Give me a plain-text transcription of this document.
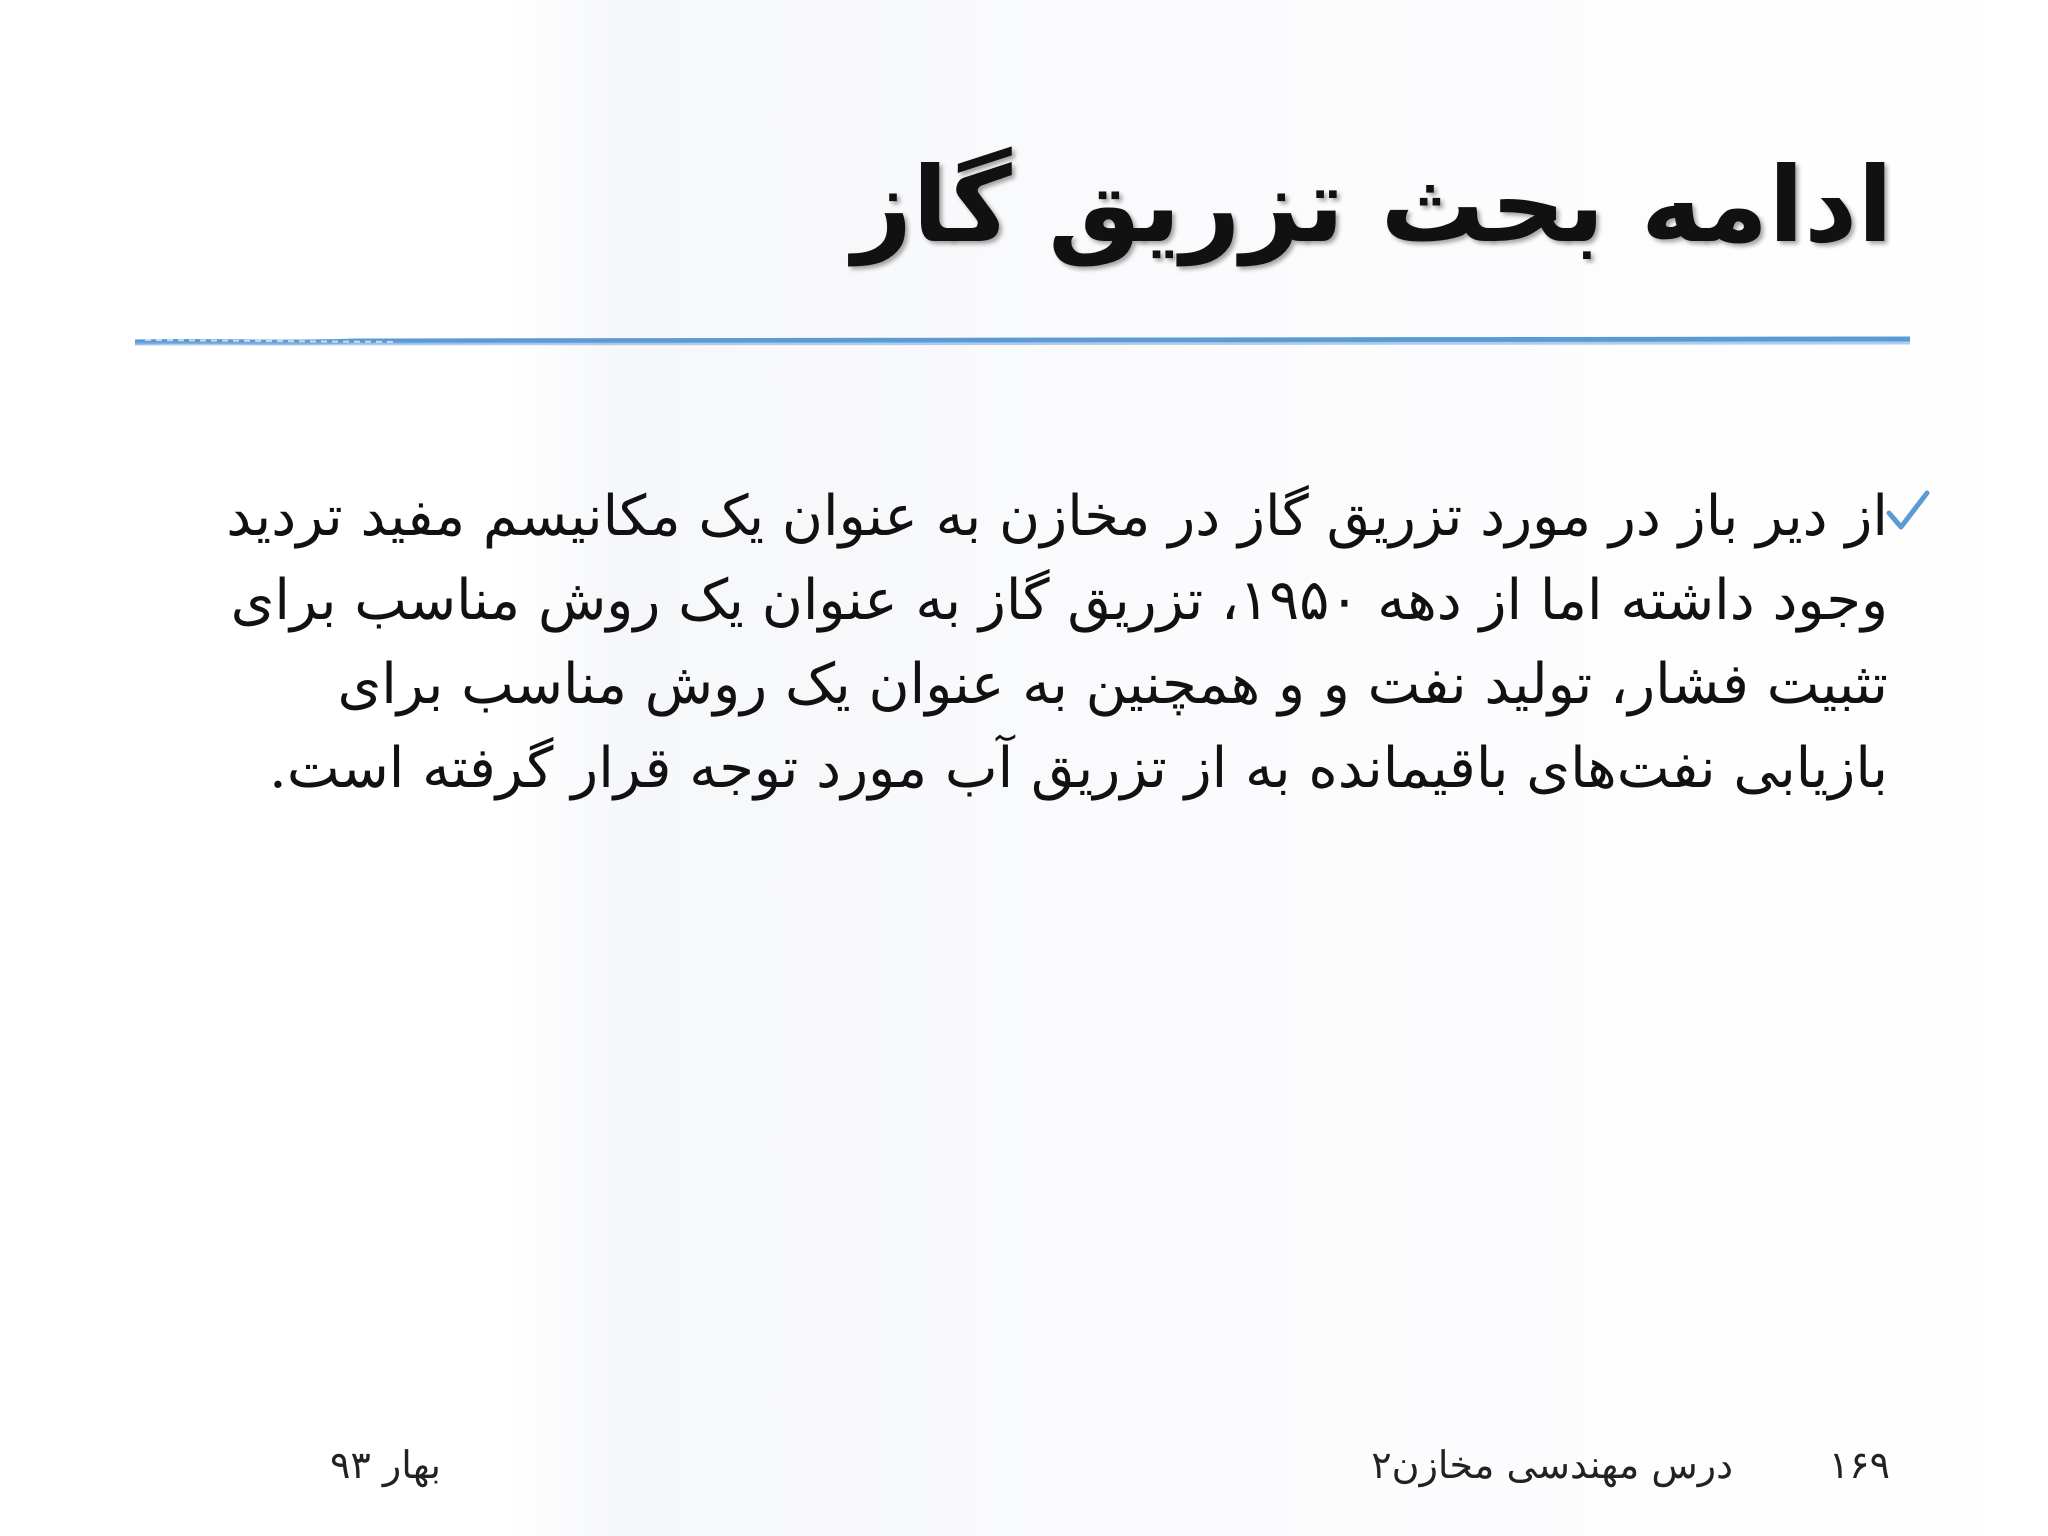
ادامه بحث تزریق گاز

از دیر باز در مورد تزریق گاز در مخازن به عنوان یک مکانیسم مفید تردید وجود داشته اما از دهه ۱۹۵۰، تزریق گاز به عنوان یک روش مناسب برای تثبیت فشار، تولید نفت و و همچنین به عنوان یک روش مناسب برای بازیابی نفت‌های باقیمانده به از تزریق آب مورد توجه قرار گرفته است.

۱۶۹
درس مهندسی مخازن۲
بهار ۹۳
